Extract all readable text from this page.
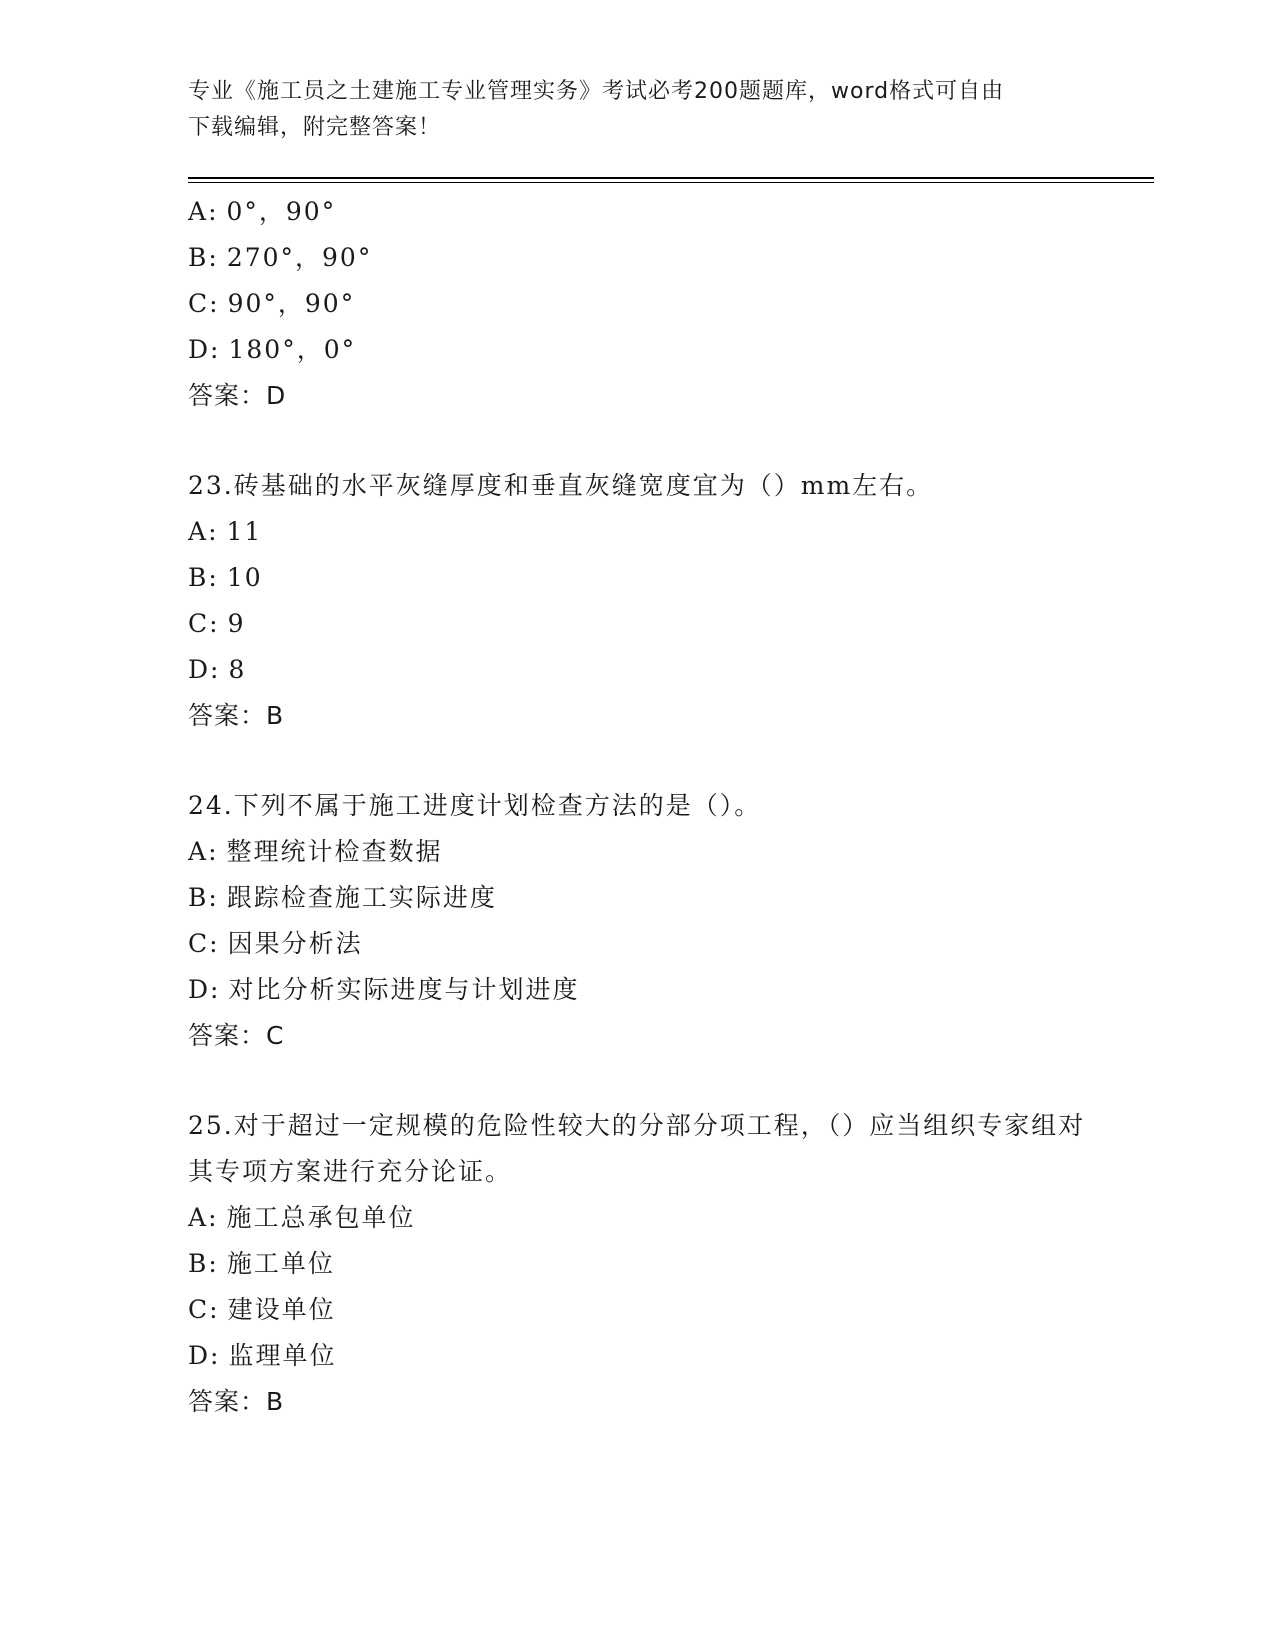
专业《施工员之土建施工专业管理实务》考试必考200题题库，word格式可自由
下载编辑，附完整答案！
A: 0°，90°
B: 270°，90°
C: 90°，90°
D: 180°，0°
答案：D
23.砖基础的水平灰缝厚度和垂直灰缝宽度宜为（）mm左右。
A: 11
B: 10
C: 9
D: 8
答案：B
24.下列不属于施工进度计划检查方法的是（）。
A: 整理统计检查数据
B: 跟踪检查施工实际进度
C: 因果分析法
D: 对比分析实际进度与计划进度
答案：C
25.对于超过一定规模的危险性较大的分部分项工程，（）应当组织专家组对其专项方案进行充分论证。
A: 施工总承包单位
B: 施工单位
C: 建设单位
D: 监理单位
答案：B
